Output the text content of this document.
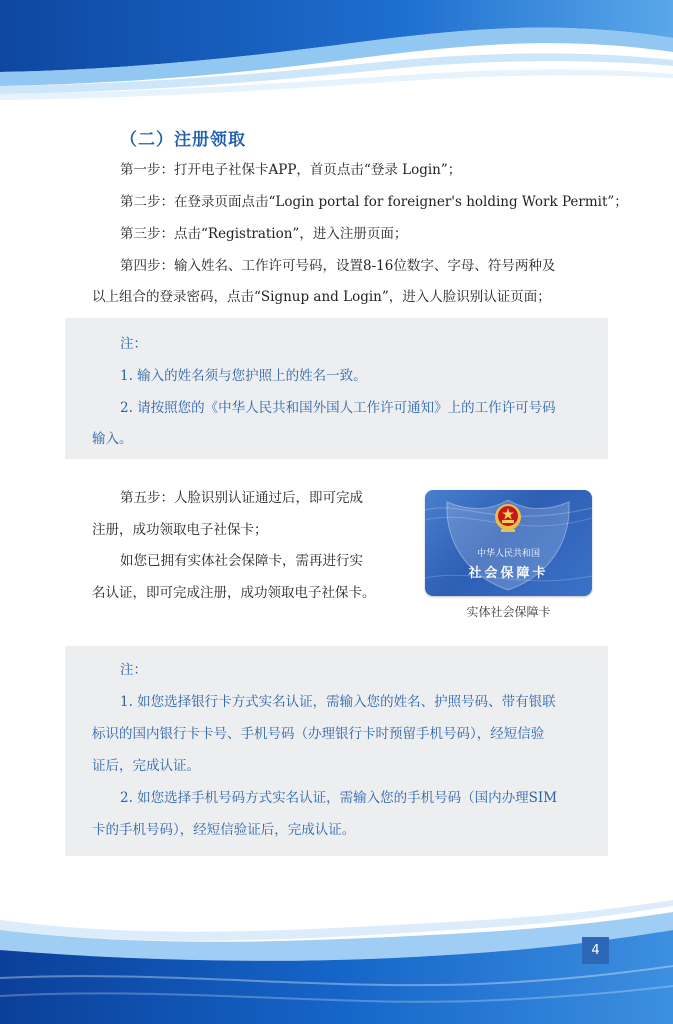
（二）注册领取
第一步：打开电子社保卡APP，首页点击“登录 Login”；
第二步：在登录页面点击“Login portal for foreigner's holding Work Permit”；
第三步：点击“Registration”，进入注册页面；
第四步：输入姓名、工作许可号码，设置8-16位数字、字母、符号两种及
以上组合的登录密码，点击“Signup and Login”，进入人脸识别认证页面；
注：
1. 输入的姓名须与您护照上的姓名一致。
2. 请按照您的《中华人民共和国外国人工作许可通知》上的工作许可号码
输入。
第五步：人脸识别认证通过后，即可完成
注册，成功领取电子社保卡；
如您已拥有实体社会保障卡，需再进行实
名认证，即可完成注册，成功领取电子社保卡。
中华人民共和国
社会保障卡
实体社会保障卡
注：
1. 如您选择银行卡方式实名认证，需输入您的姓名、护照号码、带有银联
标识的国内银行卡卡号、手机号码（办理银行卡时预留手机号码），经短信验
证后，完成认证。
2. 如您选择手机号码方式实名认证，需输入您的手机号码（国内办理SIM
卡的手机号码），经短信验证后，完成认证。
4
